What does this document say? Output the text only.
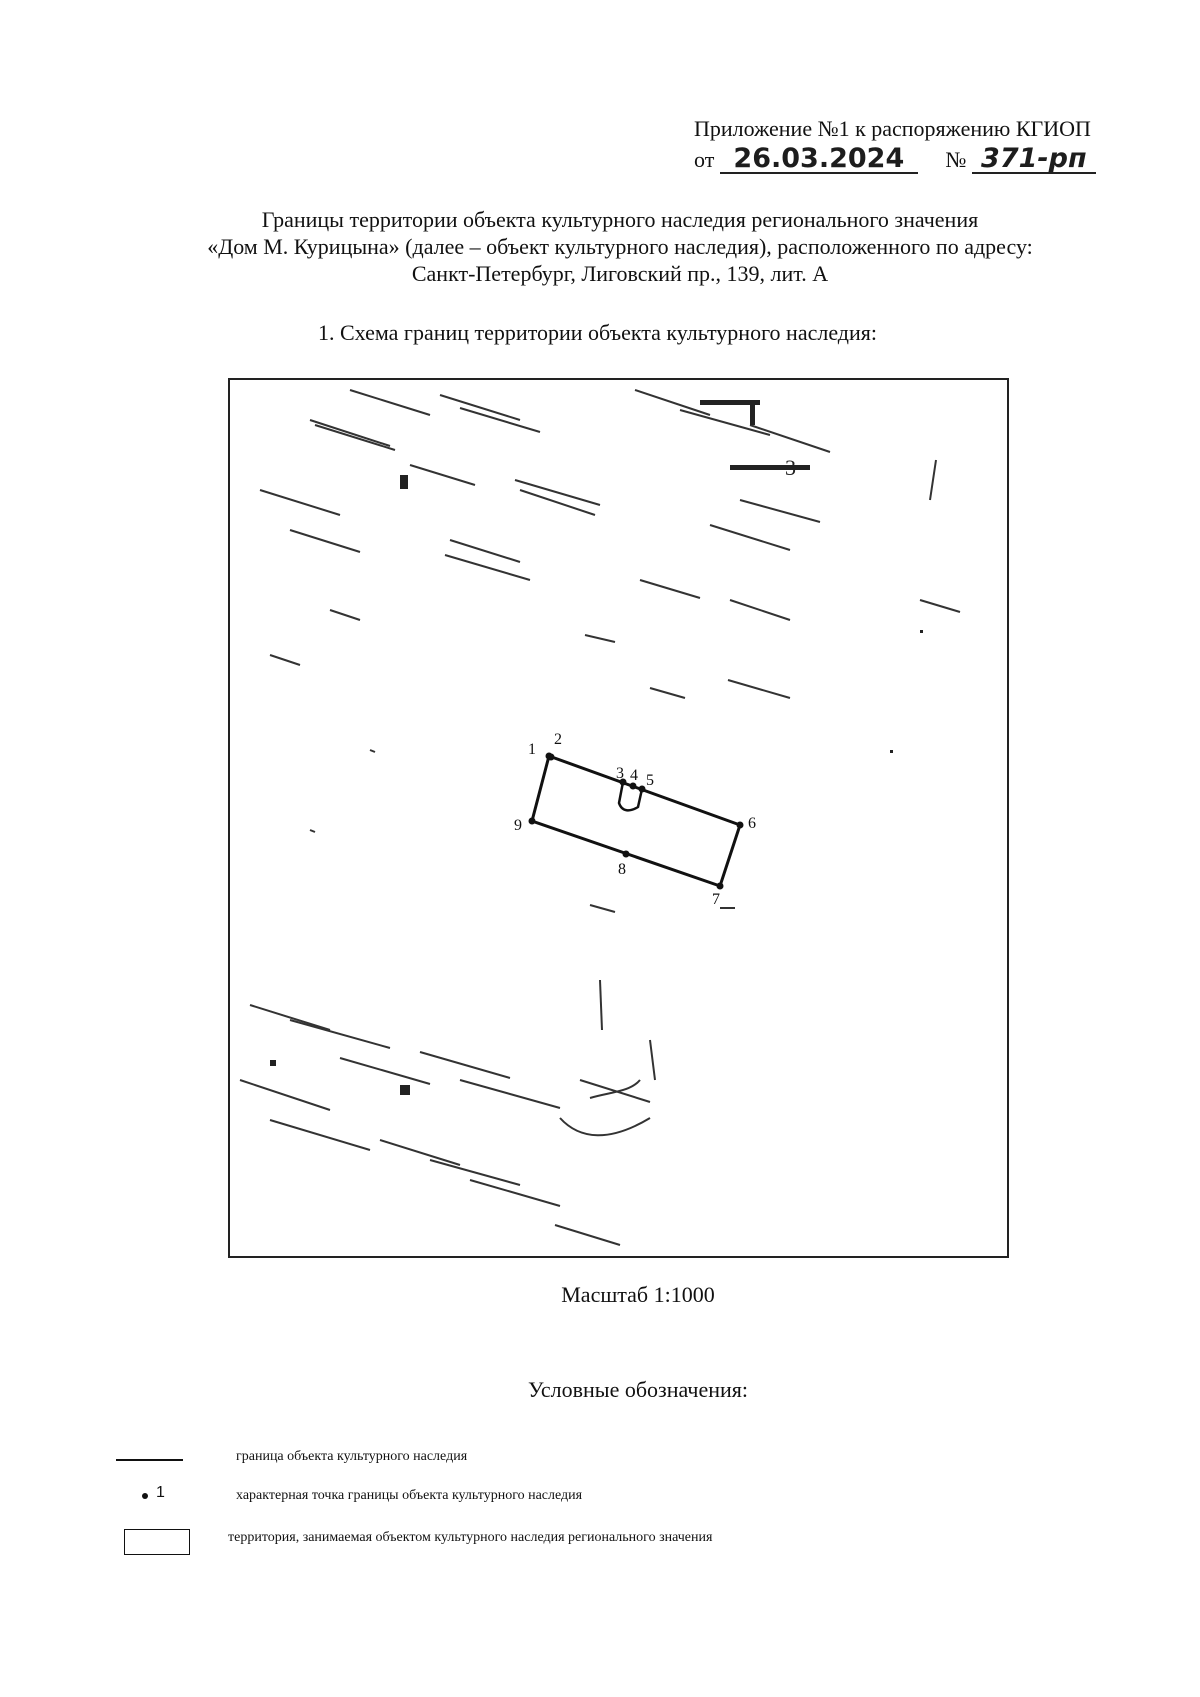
Приложение №1 к распоряжению КГИОП
от 26.03.2024 № 371-рп
Границы территории объекта культурного наследия регионального значения
«Дом М. Курицына» (далее – объект культурного наследия), расположенного по адресу:
Санкт-Петербург, Лиговский пр., 139, лит. А
1. Схема границ территории объекта культурного наследия:
3
1
2
3 4 5
6
7
8
9
Масштаб 1:1000
Условные обозначения:
граница объекта культурного наследия
1	характерная точка границы объекта культурного наследия
территория, занимаемая объектом культурного наследия регионального значения
